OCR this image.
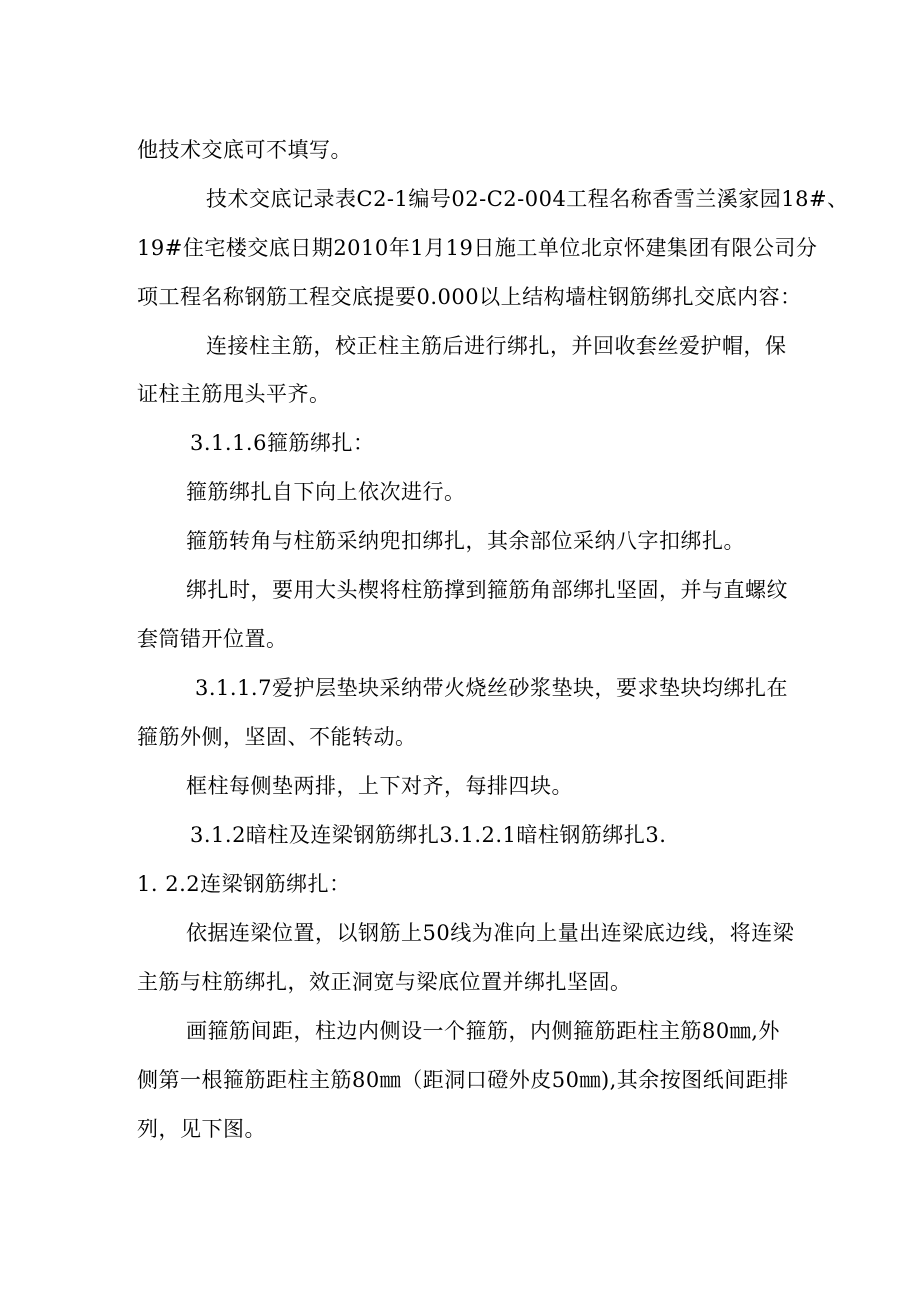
他技术交底可不填写。
技术交底记录表C2-1编号02-C2-004工程名称香雪兰溪家园18#、
19#住宅楼交底日期2010年1月19日施工单位北京怀建集团有限公司分
项工程名称钢筋工程交底提要0.000以上结构墙柱钢筋绑扎交底内容：
连接柱主筋，校正柱主筋后进行绑扎，并回收套丝爱护帽，保
证柱主筋甩头平齐。
3.1.1.6箍筋绑扎：
箍筋绑扎自下向上依次进行。
箍筋转角与柱筋采纳兜扣绑扎，其余部位采纳八字扣绑扎。
绑扎时，要用大头楔将柱筋撑到箍筋角部绑扎坚固，并与直螺纹
套筒错开位置。
3.1.1.7爱护层垫块采纳带火烧丝砂浆垫块，要求垫块均绑扎在
箍筋外侧，坚固、不能转动。
框柱每侧垫两排，上下对齐，每排四块。
3.1.2暗柱及连梁钢筋绑扎3.1.2.1暗柱钢筋绑扎3.
1. 2.2连梁钢筋绑扎：
依据连梁位置，以钢筋上50线为准向上量出连梁底边线，将连梁
主筋与柱筋绑扎，效正洞宽与梁底位置并绑扎坚固。
画箍筋间距，柱边内侧设一个箍筋，内侧箍筋距柱主筋80㎜,外
侧第一根箍筋距柱主筋80㎜（距洞口磴外皮50㎜),其余按图纸间距排
列，见下图。
